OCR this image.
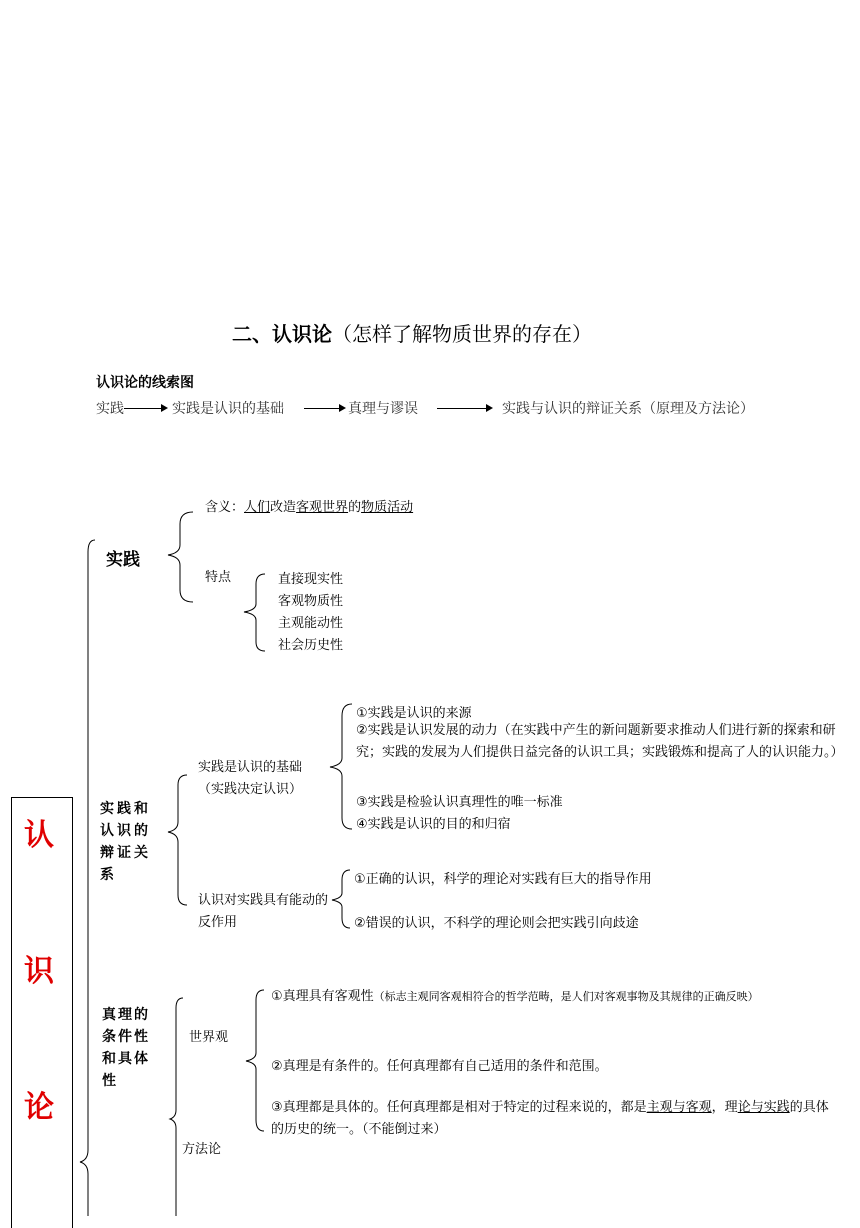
二、认识论（怎样了解物质世界的存在）
认识论的线索图
实践	实践是认识的基础	真理与谬误	实践与认识的辩证关系（原理及方法论）
认
识
论
实践
含义：人们改造客观世界的物质活动
特点	直接现实性
客观物质性
主观能动性
社会历史性
实践和认识的辩证关系
实践是认识的基础
（实践决定认识）
①实践是认识的来源
②实践是认识发展的动力（在实践中产生的新问题新要求推动人们进行新的探索和研究；实践的发展为人们提供日益完备的认识工具；实践锻炼和提高了人的认识能力。）
③实践是检验认识真理性的唯一标准
④实践是认识的目的和归宿
认识对实践具有能动的反作用
①正确的认识，科学的理论对实践有巨大的指导作用
②错误的认识，不科学的理论则会把实践引向歧途
真理的条件性和具体性
世界观
方法论
①真理具有客观性（标志主观同客观相符合的哲学范畴，是人们对客观事物及其规律的正确反映）
②真理是有条件的。任何真理都有自己适用的条件和范围。
③真理都是具体的。任何真理都是相对于特定的过程来说的，都是主观与客观，理论与实践的具体的历史的统一。（不能倒过来）
